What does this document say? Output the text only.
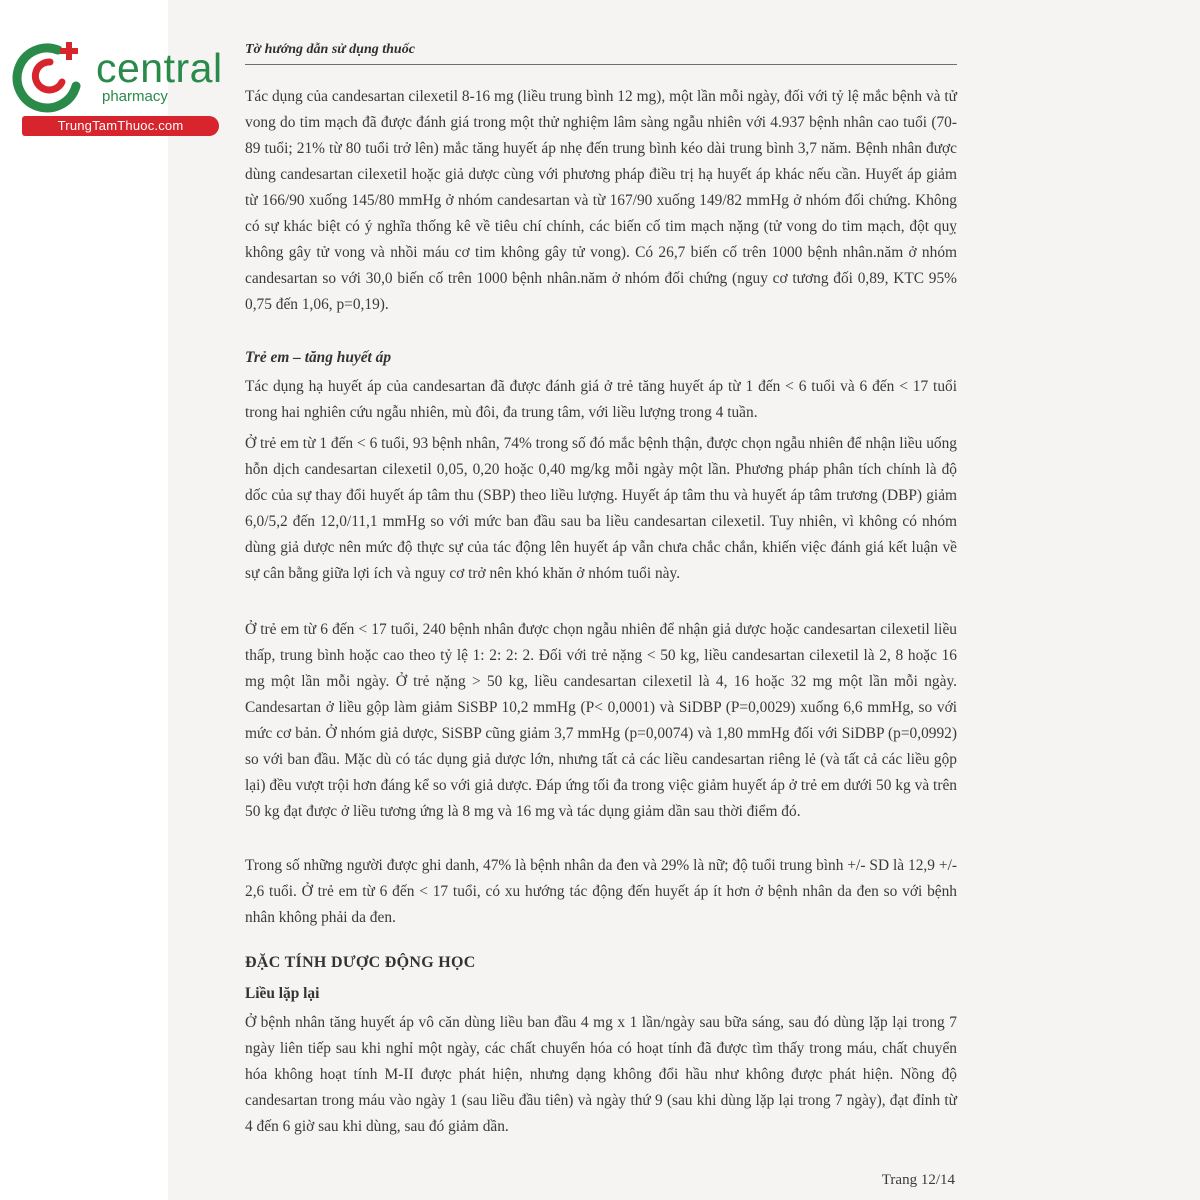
central
pharmacy
TrungTamThuoc.com
Tờ hướng dẫn sử dụng thuốc

Tác dụng của candesartan cilexetil 8-16 mg (liều trung bình 12 mg), một lần mỗi ngày, đối với tỷ lệ mắc bệnh và tử vong do tim mạch đã được đánh giá trong một thử nghiệm lâm sàng ngẫu nhiên với 4.937 bệnh nhân cao tuổi (70-89 tuổi; 21% từ 80 tuổi trở lên) mắc tăng huyết áp nhẹ đến trung bình kéo dài trung bình 3,7 năm. Bệnh nhân được dùng candesartan cilexetil hoặc giả dược cùng với phương pháp điều trị hạ huyết áp khác nếu cần. Huyết áp giảm từ 166/90 xuống 145/80 mmHg ở nhóm candesartan và từ 167/90 xuống 149/82 mmHg ở nhóm đối chứng. Không có sự khác biệt có ý nghĩa thống kê về tiêu chí chính, các biến cố tim mạch nặng (tử vong do tim mạch, đột quỵ không gây tử vong và nhồi máu cơ tim không gây tử vong). Có 26,7 biến cố trên 1000 bệnh nhân.năm ở nhóm candesartan so với 30,0 biến cố trên 1000 bệnh nhân.năm ở nhóm đối chứng (nguy cơ tương đối 0,89, KTC 95% 0,75 đến 1,06, p=0,19).

Trẻ em – tăng huyết áp

Tác dụng hạ huyết áp của candesartan đã được đánh giá ở trẻ tăng huyết áp từ 1 đến < 6 tuổi và 6 đến < 17 tuổi trong hai nghiên cứu ngẫu nhiên, mù đôi, đa trung tâm, với liều lượng trong 4 tuần.

Ở trẻ em từ 1 đến < 6 tuổi, 93 bệnh nhân, 74% trong số đó mắc bệnh thận, được chọn ngẫu nhiên để nhận liều uống hỗn dịch candesartan cilexetil 0,05, 0,20 hoặc 0,40 mg/kg mỗi ngày một lần. Phương pháp phân tích chính là độ dốc của sự thay đổi huyết áp tâm thu (SBP) theo liều lượng. Huyết áp tâm thu và huyết áp tâm trương (DBP) giảm 6,0/5,2 đến 12,0/11,1 mmHg so với mức ban đầu sau ba liều candesartan cilexetil. Tuy nhiên, vì không có nhóm dùng giả dược nên mức độ thực sự của tác động lên huyết áp vẫn chưa chắc chắn, khiến việc đánh giá kết luận về sự cân bằng giữa lợi ích và nguy cơ trở nên khó khăn ở nhóm tuổi này.

Ở trẻ em từ 6 đến < 17 tuổi, 240 bệnh nhân được chọn ngẫu nhiên để nhận giả dược hoặc candesartan cilexetil liều thấp, trung bình hoặc cao theo tỷ lệ 1: 2: 2: 2. Đối với trẻ nặng < 50 kg, liều candesartan cilexetil là 2, 8 hoặc 16 mg một lần mỗi ngày. Ở trẻ nặng > 50 kg, liều candesartan cilexetil là 4, 16 hoặc 32 mg một lần mỗi ngày. Candesartan ở liều gộp làm giảm SiSBP 10,2 mmHg (P< 0,0001) và SiDBP (P=0,0029) xuống 6,6 mmHg, so với mức cơ bản. Ở nhóm giả dược, SiSBP cũng giảm 3,7 mmHg (p=0,0074) và 1,80 mmHg đối với SiDBP (p=0,0992) so với ban đầu. Mặc dù có tác dụng giả dược lớn, nhưng tất cả các liều candesartan riêng lẻ (và tất cả các liều gộp lại) đều vượt trội hơn đáng kể so với giả dược. Đáp ứng tối đa trong việc giảm huyết áp ở trẻ em dưới 50 kg và trên 50 kg đạt được ở liều tương ứng là 8 mg và 16 mg và tác dụng giảm dần sau thời điểm đó.

Trong số những người được ghi danh, 47% là bệnh nhân da đen và 29% là nữ; độ tuổi trung bình +/- SD là 12,9 +/- 2,6 tuổi. Ở trẻ em từ 6 đến < 17 tuổi, có xu hướng tác động đến huyết áp ít hơn ở bệnh nhân da đen so với bệnh nhân không phải da đen.

ĐẶC TÍNH DƯỢC ĐỘNG HỌC
Liều lặp lại

Ở bệnh nhân tăng huyết áp vô căn dùng liều ban đầu 4 mg x 1 lần/ngày sau bữa sáng, sau đó dùng lặp lại trong 7 ngày liên tiếp sau khi nghỉ một ngày, các chất chuyển hóa có hoạt tính đã được tìm thấy trong máu, chất chuyển hóa không hoạt tính M-II được phát hiện, nhưng dạng không đổi hầu như không được phát hiện. Nồng độ candesartan trong máu vào ngày 1 (sau liều đầu tiên) và ngày thứ 9 (sau khi dùng lặp lại trong 7 ngày), đạt đỉnh từ 4 đến 6 giờ sau khi dùng, sau đó giảm dần.

Trang 12/14
